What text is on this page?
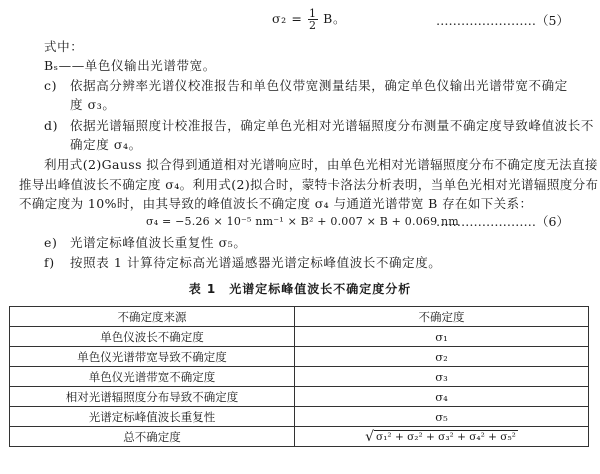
$\sigma_2 = \frac{1}{2}$ B。	……………………（5）
式中：
Bₛ——单色仪输出光谱带宽。
c) 依据高分辨率光谱仪校准报告和单色仪带宽测量结果，确定单色仪输出光谱带宽不确定
度 σ₃。
d) 依据光谱辐照度计校准报告，确定单色光相对光谱辐照度分布测量不确定度导致峰值波长不
确定度 σ₄。
利用式(2)Gauss 拟合得到通道相对光谱响应时，由单色光相对光谱辐照度分布不确定度无法直接
推导出峰值波长不确定度 σ₄。利用式(2)拟合时，蒙特卡洛法分析表明，当单色光相对光谱辐照度分布
不确定度为 10%时，由其导致的峰值波长不确定度 σ₄ 与通道光谱带宽 B 存在如下关系：
σ₄ = −5.26 × 10⁻⁵ nm⁻¹ × B² + 0.007 × B + 0.069 nm
……………………（6）
e) 光谱定标峰值波长重复性 σ₅。
f) 按照表 1 计算待定标高光谱遥感器光谱定标峰值波长不确定度。
表 1　光谱定标峰值波长不确定度分析
不确定度来源	不确定度
单色仪波长不确定度	σ₁
单色仪光谱带宽导致不确定度	σ₂
单色仪光谱带宽不确定度	σ₃
相对光谱辐照度分布导致不确定度	σ₄
光谱定标峰值波长重复性	σ₅
总不确定度	√ σ₁² + σ₂² + σ₃² + σ₄² + σ₅²
